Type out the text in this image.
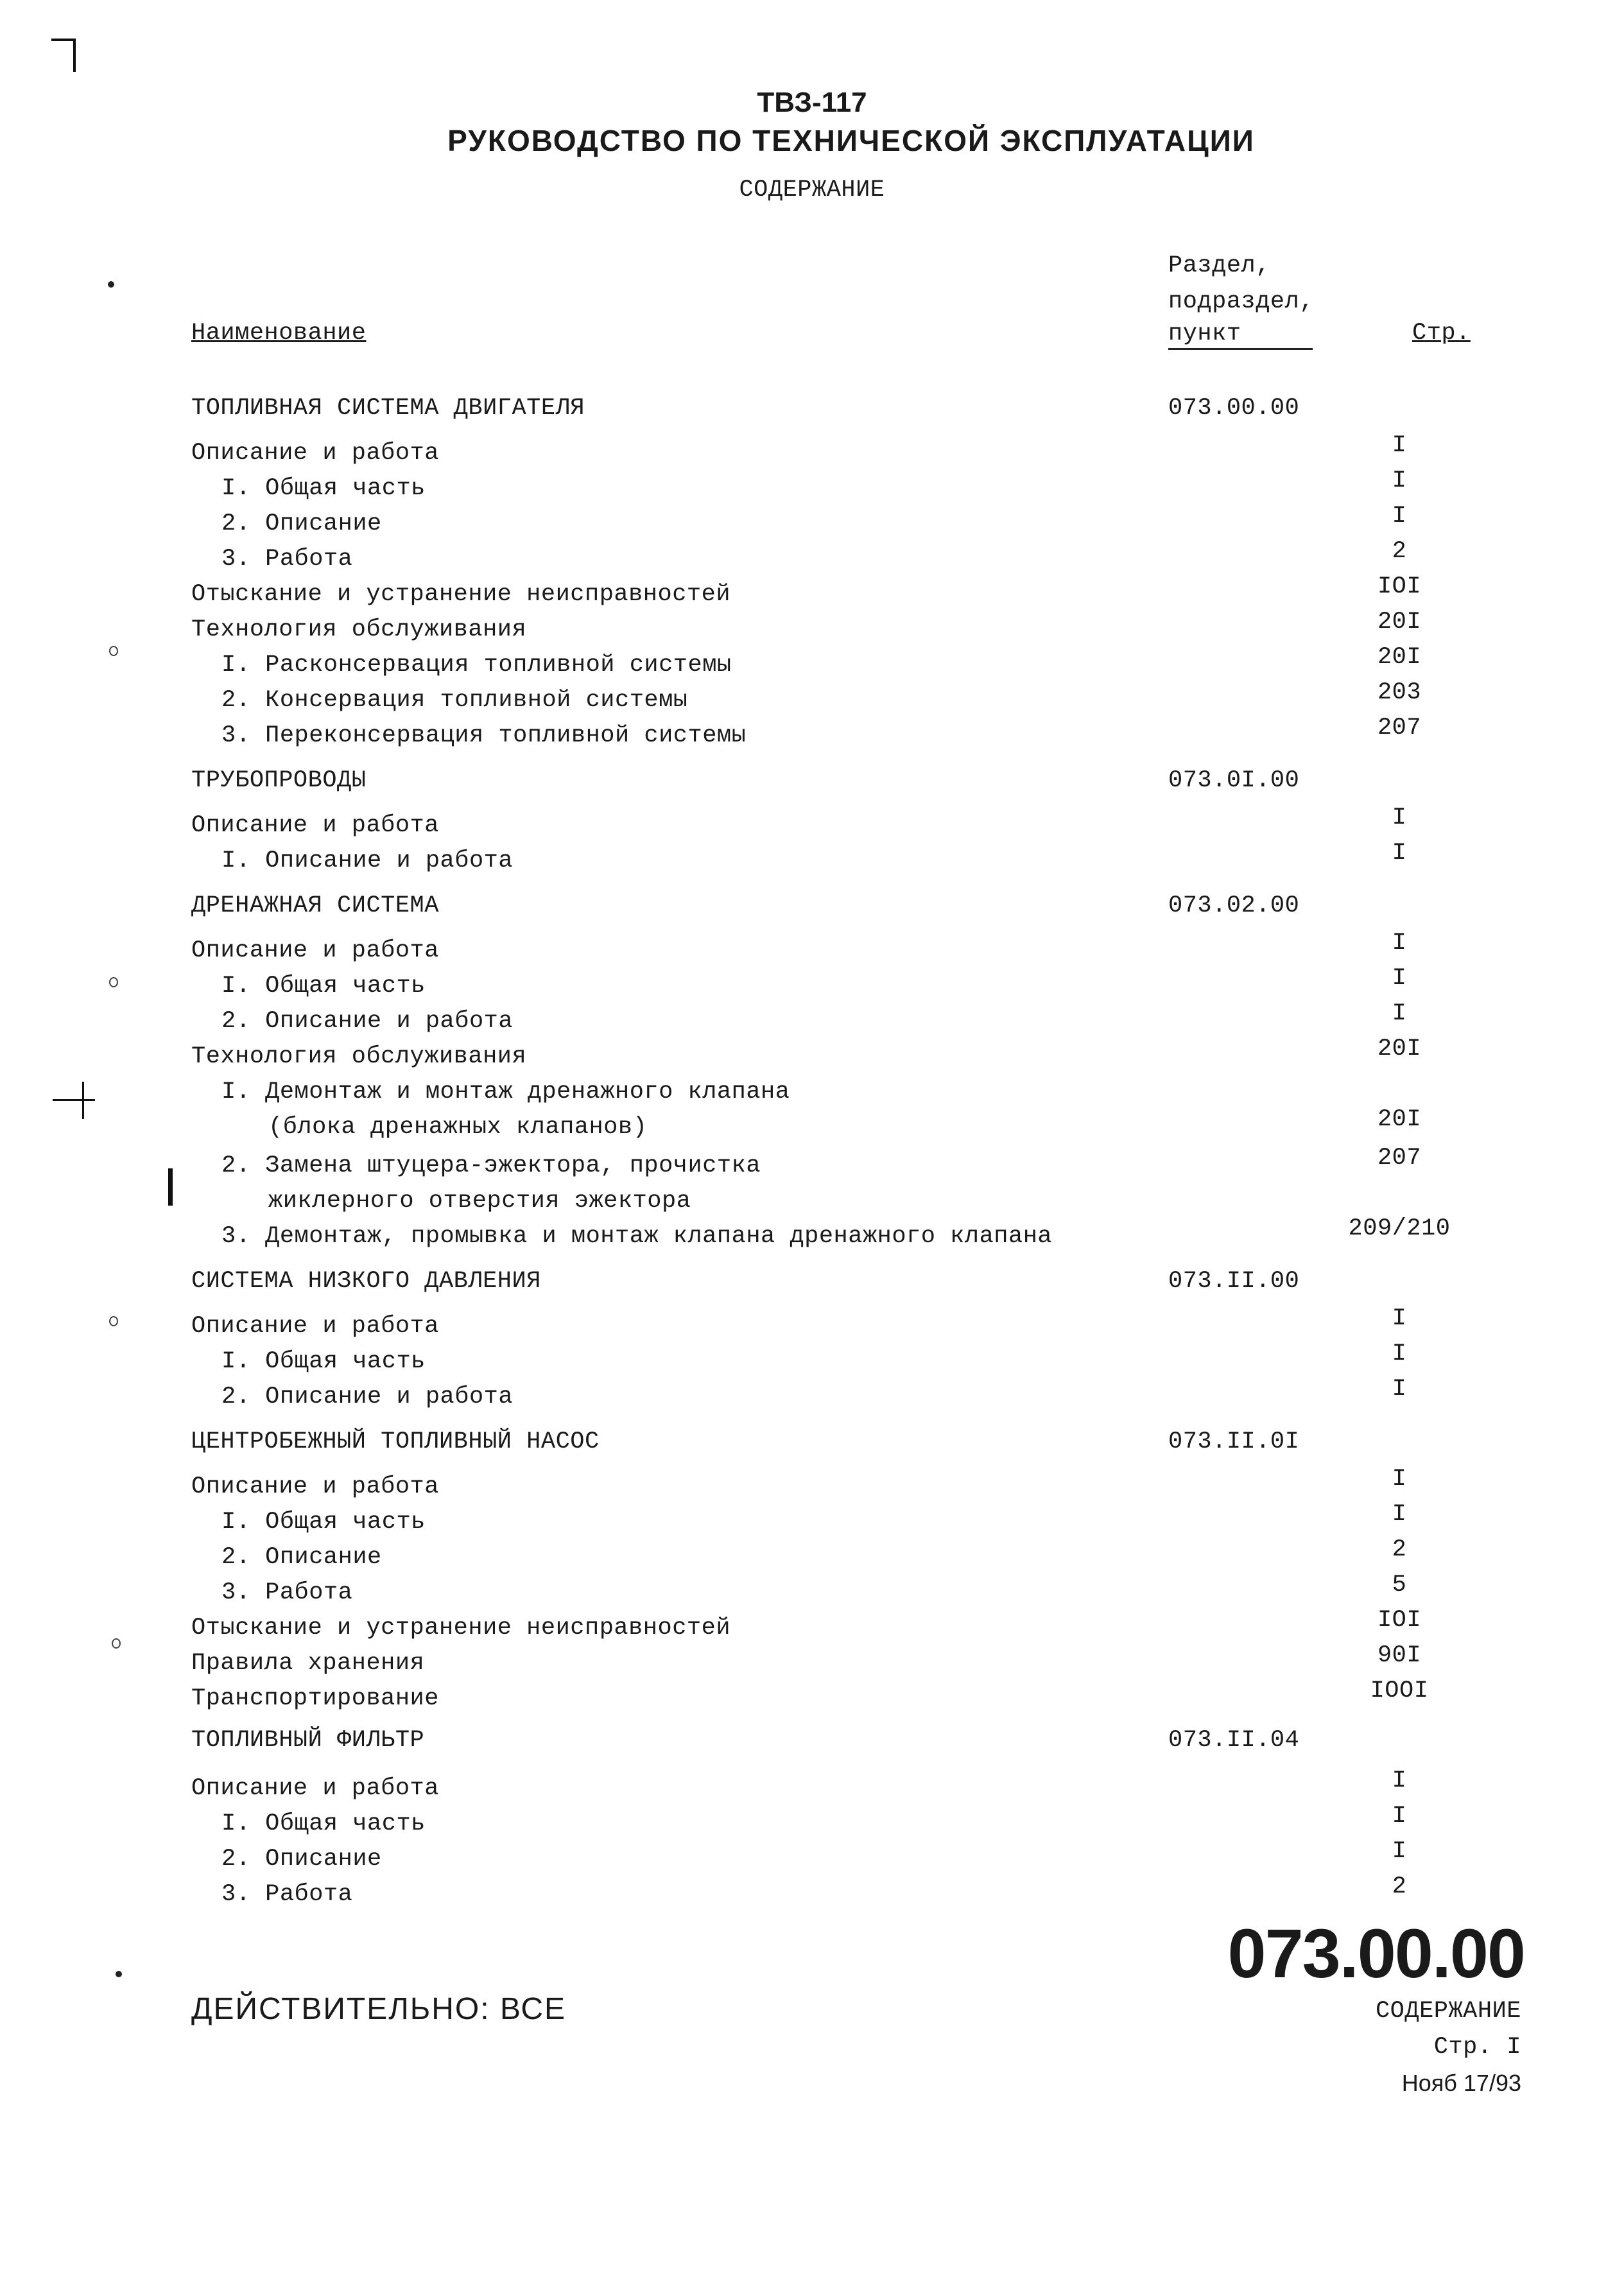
ТВЗ-117
РУКОВОДСТВО ПО ТЕХНИЧЕСКОЙ ЭКСПЛУАТАЦИИ
СОДЕРЖАНИЕ
Наименование
Раздел,
подраздел,
пункт	Стр.
ТОПЛИВНАЯ СИСТЕМА ДВИГАТЕЛЯ	073.00.00
Описание и работа	I
I. Общая часть	I
2. Описание	I
3. Работа	2
Отыскание и устранение неисправностей	IOI
Технология обслуживания	20I
I. Расконсервация топливной системы	20I
2. Консервация топливной системы	203
3. Переконсервация топливной системы	207
ТРУБОПРОВОДЫ	073.0I.00
Описание и работа	I
I. Описание и работа	I
ДРЕНАЖНАЯ СИСТЕМА	073.02.00
Описание и работа	I
I. Общая часть	I
2. Описание и работа	I
Технология обслуживания	20I
I. Демонтаж и монтаж дренажного клапана
(блока дренажных клапанов)	20I
2. Замена штуцера-эжектора, прочистка	207
жиклерного отверстия эжектора
3. Демонтаж, промывка и монтаж клапана дренажного клапана	209/210
СИСТЕМА НИЗКОГО ДАВЛЕНИЯ	073.II.00
Описание и работа	I
I. Общая часть	I
2. Описание и работа	I
ЦЕНТРОБЕЖНЫЙ ТОПЛИВНЫЙ НАСОС	073.II.0I
Описание и работа	I
I. Общая часть	I
2. Описание	2
3. Работа	5
Отыскание и устранение неисправностей	IOI
Правила хранения	90I
Транспортирование	IOOI
ТОПЛИВНЫЙ ФИЛЬТР	073.II.04
Описание и работа	I
I. Общая часть	I
2. Описание	I
3. Работа	2
073.00.00
ДЕЙСТВИТЕЛЬНО: ВСЕ	СОДЕРЖАНИЕ
Стр. I
Нояб 17/93
